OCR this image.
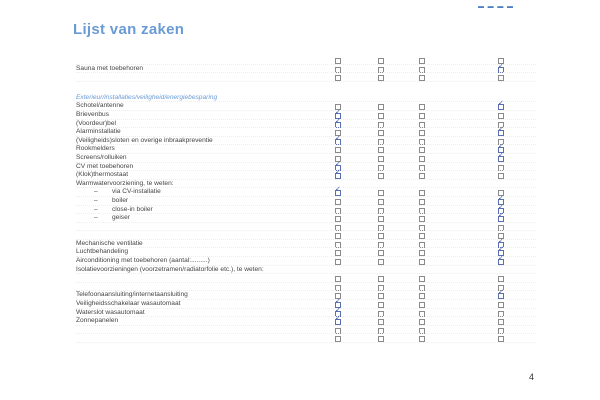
▬ ▬ ▬ ▬
Lijst van zaken
Sauna met toebehoren
✓
Exterieur/installaties/veiligheid/energiebesparing
Schotel/antenne
✓
Brievenbus
✓
(Voordeur)bel
✓
Alarminstallatie
✓
(Veiligheids)sloten en overige inbraakpreventie
✓
Rookmelders
✓
Screens/rolluiken
✓
CV met toebehoren
✓
(Klok)thermostaat
✓
Warmwatervoorziening, te weten:
– via CV-installatie
✓
– boiler
✓
– close-in boiler
✓
– geiser
✓
Mechanische ventilatie
✓
Luchtbehandeling
✓
Airconditioning met toebehoren (aantal:.........)
✓
Isolatievoorzieningen (voorzetramen/radiatorfolie etc.), te weten:
Telefoonaansluiting/internetaansluiting
✓
Veiligheidsschakelaar wasautomaat
✓
Waterslot wasautomaat
✓
Zonnepanelen
✓
4
